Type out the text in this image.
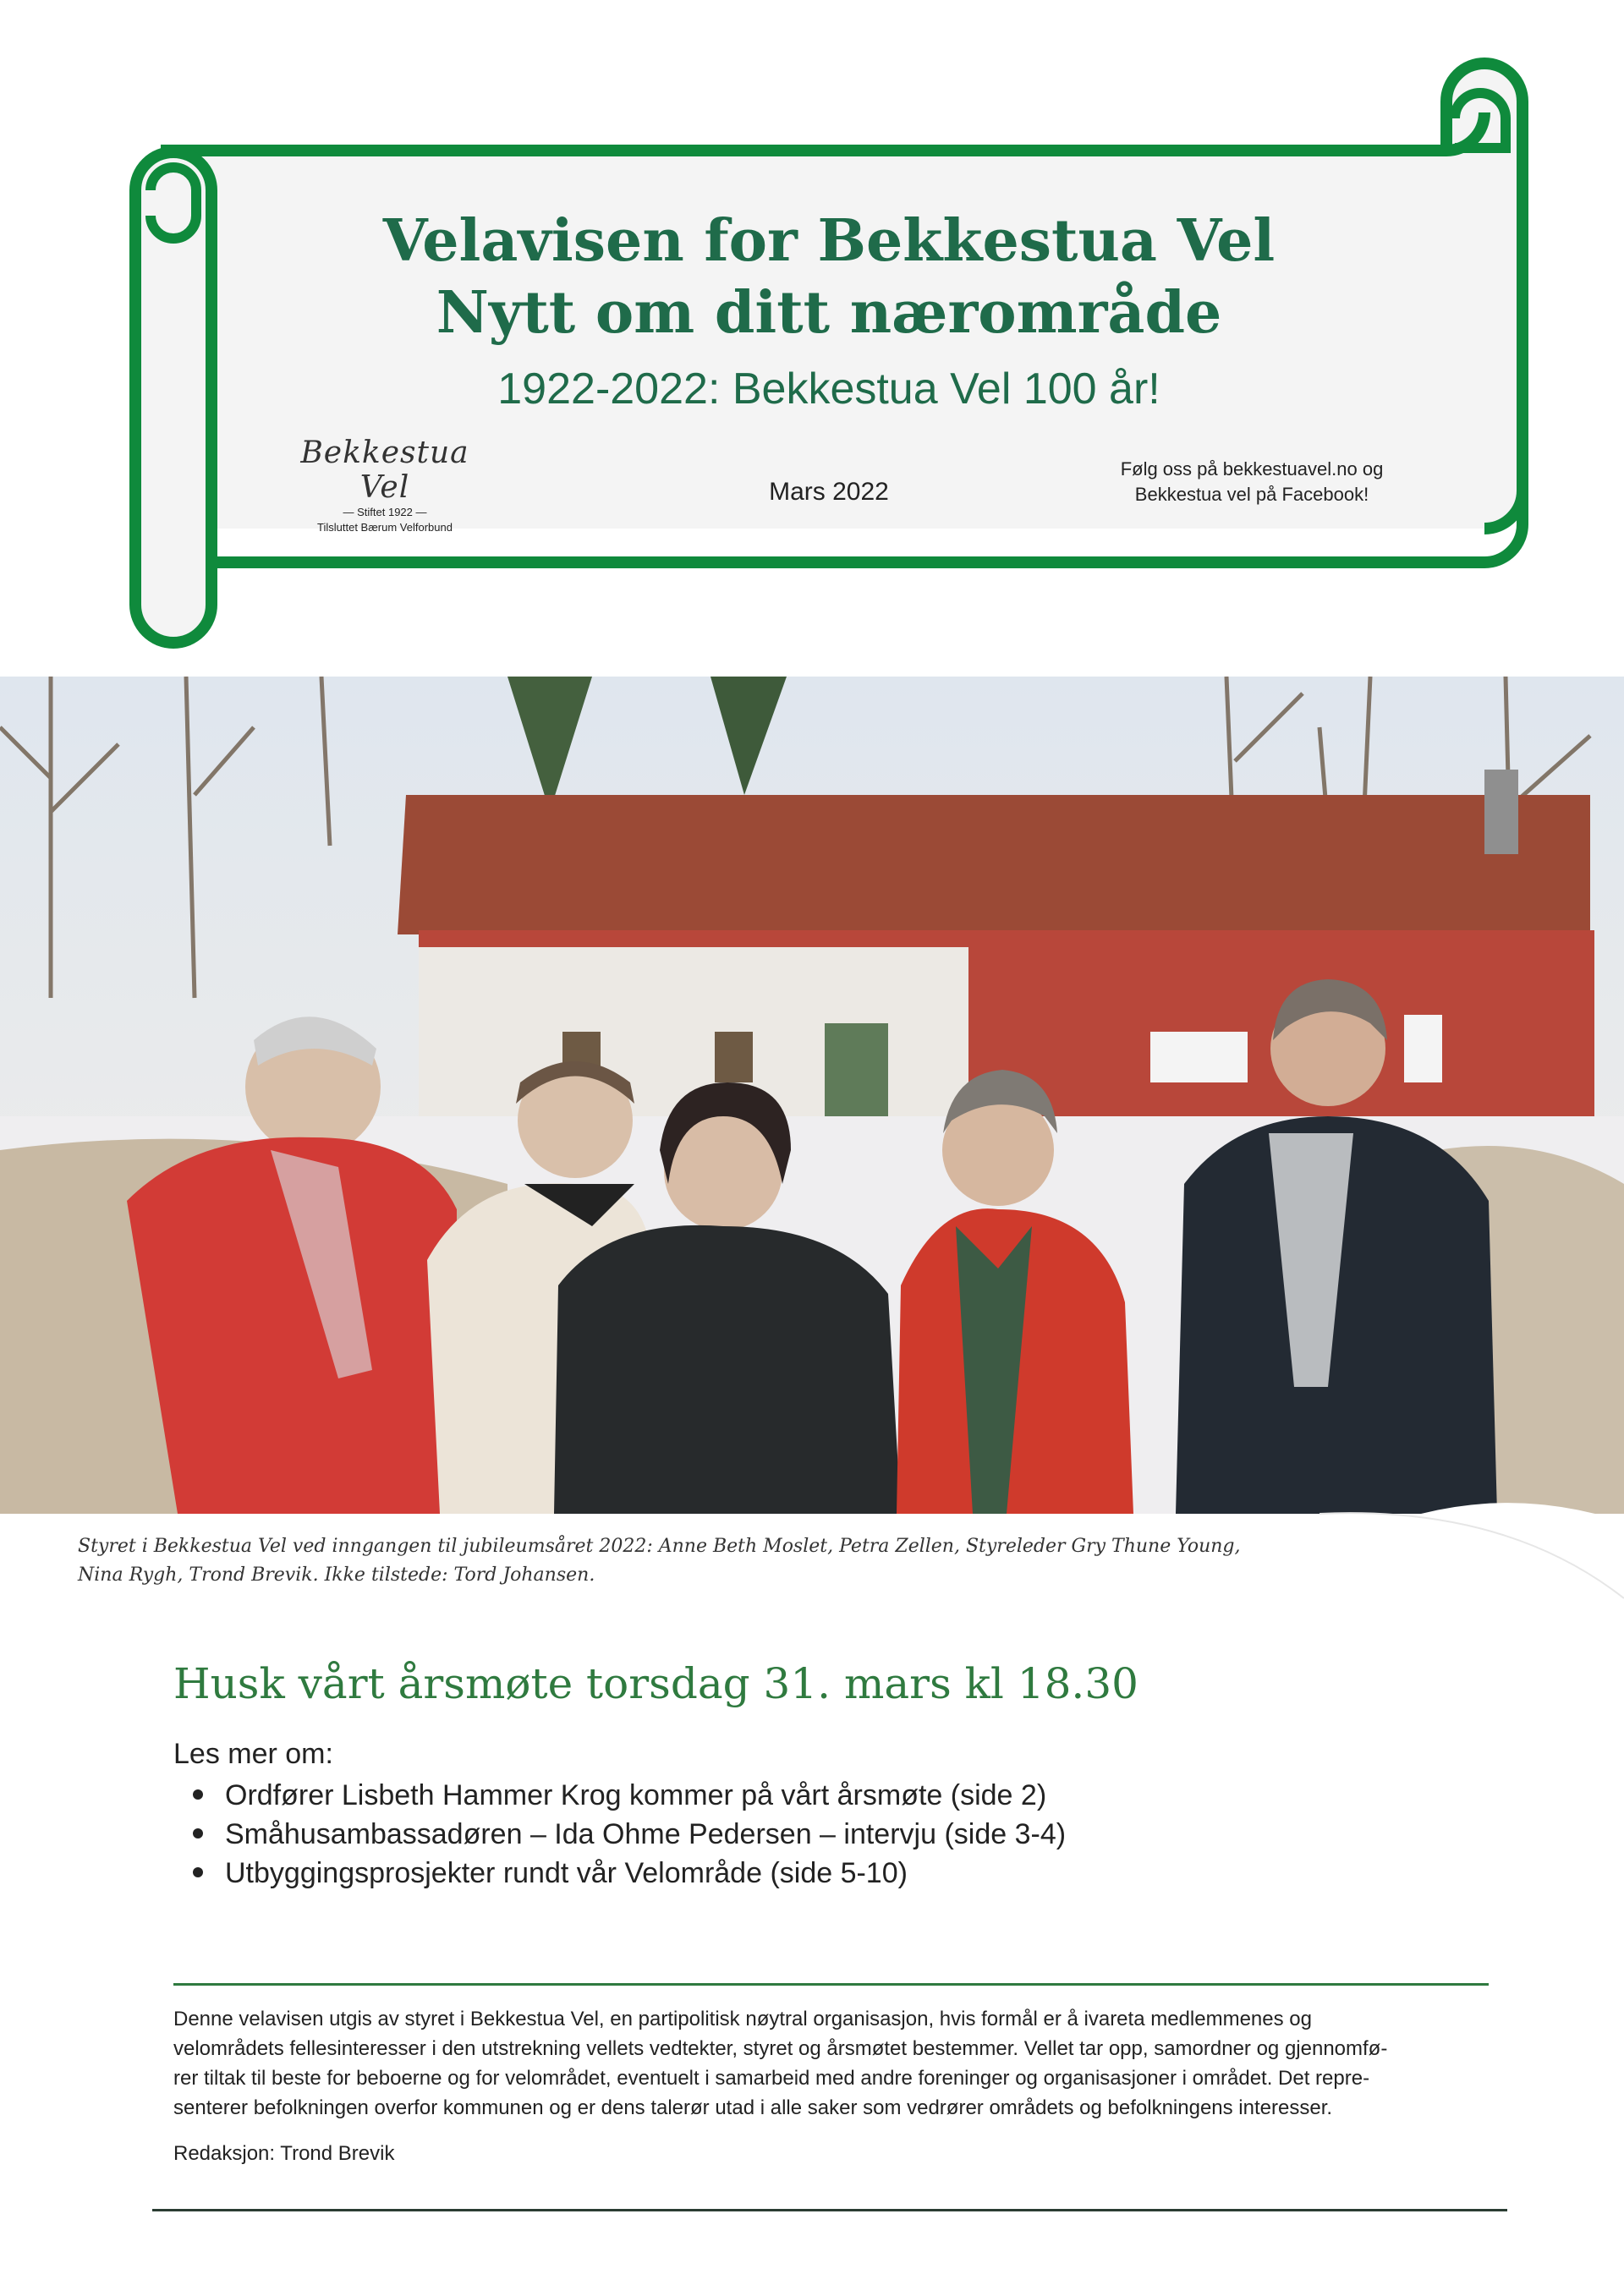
Velavisen for Bekkestua Vel
Nytt om ditt nærområde
1922-2022: Bekkestua Vel 100 år!
Bekkestua Vel
— Stiftet 1922 —
Tilsluttet Bærum Velforbund
Mars 2022
Følg oss på bekkestuavel.no og
Bekkestua vel på Facebook!
Styret i Bekkestua Vel ved inngangen til jubileumsåret 2022: Anne Beth Moslet, Petra Zellen, Styreleder Gry Thune Young,
Nina Rygh, Trond Brevik. Ikke tilstede: Tord Johansen.
Husk vårt årsmøte torsdag 31. mars kl 18.30
Les mer om:
Ordfører Lisbeth Hammer Krog kommer på vårt årsmøte (side 2)
Småhusambassadøren – Ida Ohme Pedersen – intervju (side 3-4)
Utbyggingsprosjekter rundt vår Velområde (side 5-10)
Denne velavisen utgis av styret i Bekkestua Vel, en partipolitisk nøytral organisasjon, hvis formål er å ivareta medlemmenes og
velområdets fellesinteresser i den utstrekning vellets vedtekter, styret og årsmøtet bestemmer. Vellet tar opp, samordner og gjennomfø-
rer tiltak til beste for beboerne og for velområdet, eventuelt i samarbeid med andre foreninger og organisasjoner i området. Det repre-
senterer befolkningen overfor kommunen og er dens talerør utad i alle saker som vedrører områdets og befolkningens interesser.
Redaksjon: Trond Brevik
